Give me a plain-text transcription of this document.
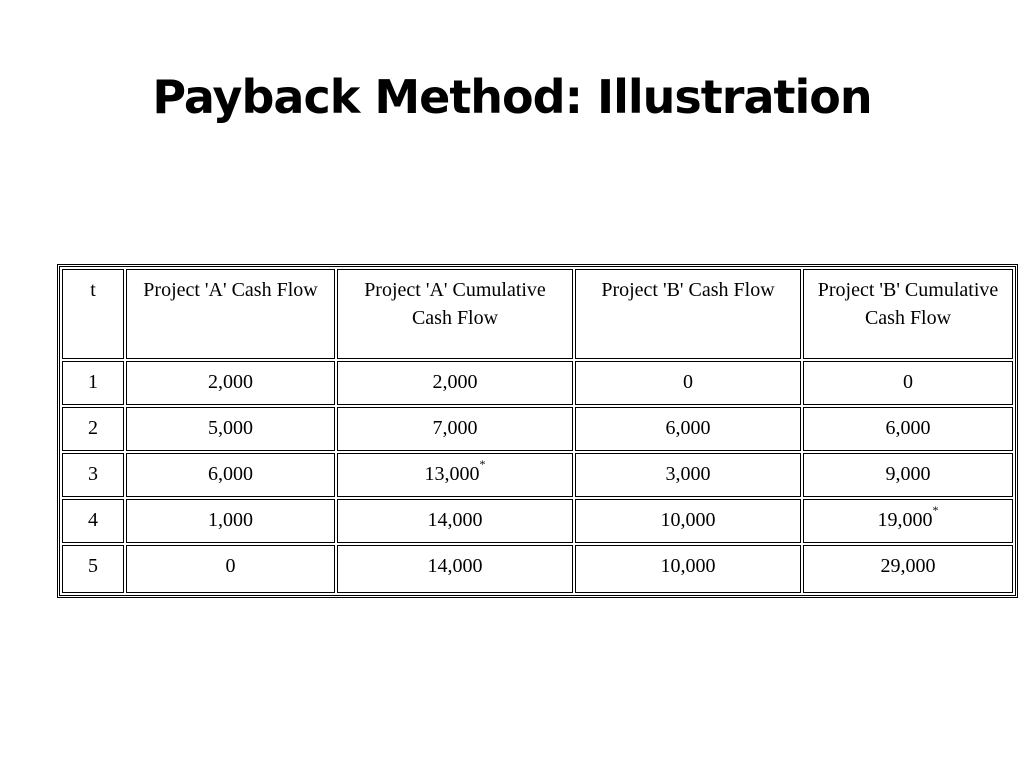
Payback Method: Illustration
t	Project 'A' Cash Flow	Project 'A' Cumulative Cash Flow	Project 'B' Cash Flow	Project 'B' Cumulative Cash Flow
1	2,000	2,000	0	0
2	5,000	7,000	6,000	6,000
3	6,000	13,000*	3,000	9,000
4	1,000	14,000	10,000	19,000*
5	0	14,000	10,000	29,000
